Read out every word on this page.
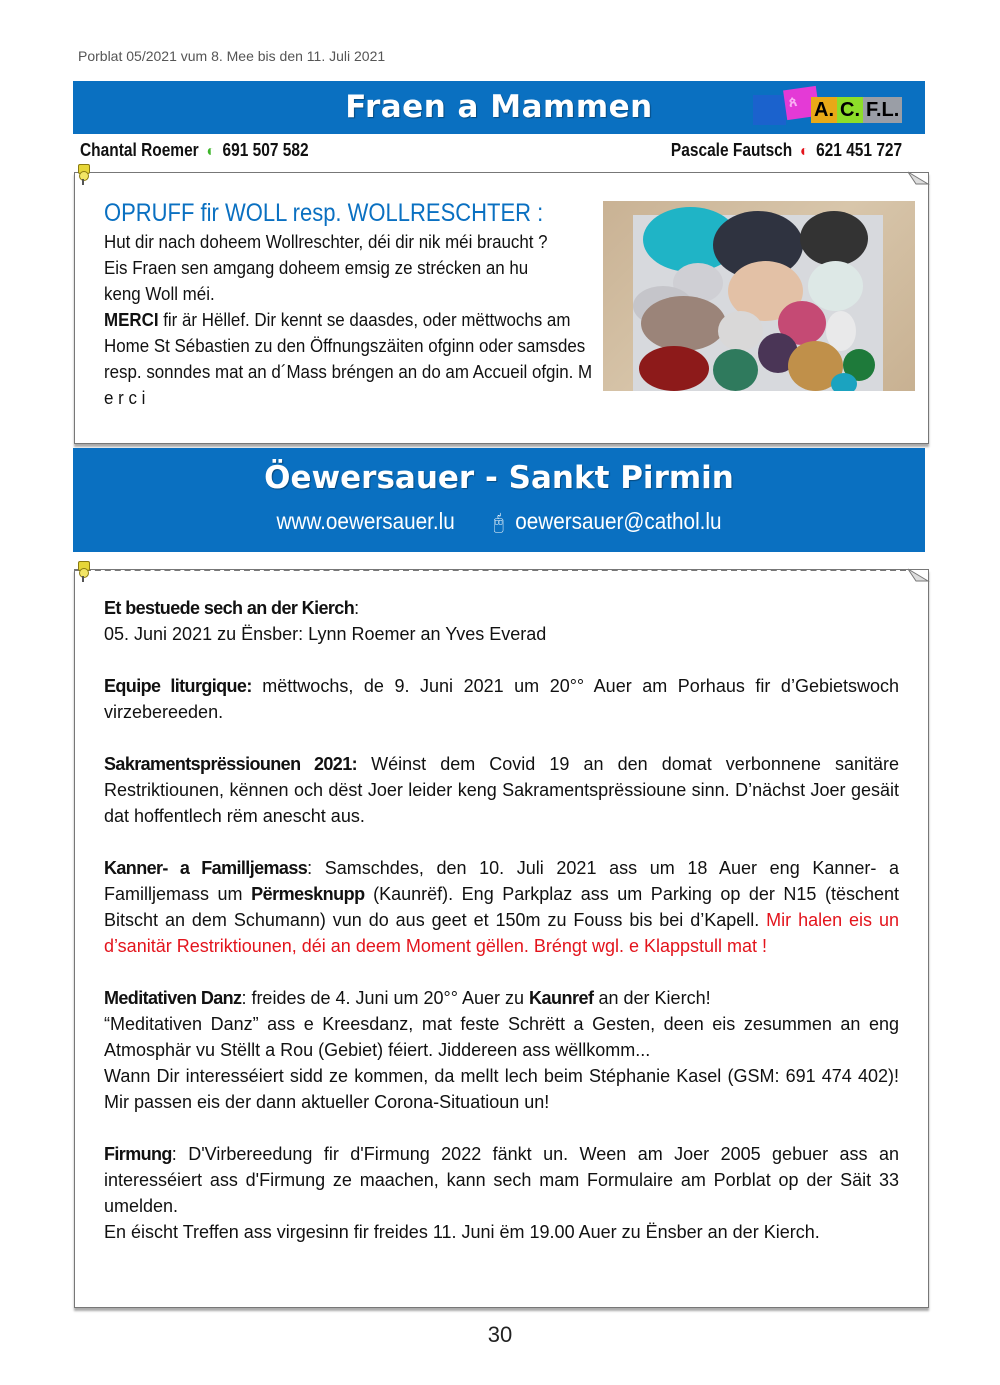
Porblat 05/2021 vum 8. Mee bis den 11. Juli 2021
Fraen a Mammen	ጰ A. C. F.L.
Chantal Roemer ◐ 691 507 582	Pascale Fautsch ◐ 621 451 727
OPRUFF fir WOLL resp. WOLLRESCHTER :
Hut dir nach doheem Wollreschter, déi dir nik méi braucht ?
Eis Fraen sen amgang doheem emsig ze strécken an hu
keng Woll méi.
MERCI fir är Hëllef. Dir kennt se daasdes, oder mëttwochs am Home St Sébastien zu den Öffnungszäiten ofginn oder samsdes resp. sonndes mat an d´Mass bréngen an do am Accueil ofgin. M e r c i
Öewersauer - Sankt Pirmin
www.oewersauer.lu 🖰 oewersauer@cathol.lu

Et bestuede sech an der Kierch:
05. Juni 2021 zu Ënsber: Lynn Roemer an Yves Everad

Equipe liturgique: mëttwochs, de 9. Juni 2021 um 20°° Auer am Porhaus fir d’Gebietswoch virzebereeden.

Sakramentsprëssiounen 2021: Wéinst dem Covid 19 an den domat verbonnene sanitäre Restriktiounen, kënnen och dëst Joer leider keng Sakramentsprëssioune sinn. D’nächst Joer gesäit dat hoffentlech rëm anescht aus.

Kanner- a Familljemass: Samschdes, den 10. Juli 2021 ass um 18 Auer eng Kanner- a Familljemass um Përmesknupp (Kaunrëf). Eng Parkplaz ass um Parking op der N15 (tëschent Bitscht an dem Schumann) vun do aus geet et 150m zu Fouss bis bei d’Kapell. Mir halen eis un d’sanitär Restriktiounen, déi an deem Moment gëllen. Bréngt wgl. e Klappstull mat !

Meditativen Danz: freides de 4. Juni um 20°° Auer zu Kaunref an der Kierch!
“Meditativen Danz” ass e Kreesdanz, mat feste Schrëtt a Gesten, deen eis zesummen an eng Atmosphär vu Stëllt a Rou (Gebiet) féiert. Jiddereen ass wëllkomm...
Wann Dir interesséiert sidd ze kommen, da mellt lech beim Stéphanie Kasel (GSM: 691 474 402)! Mir passen eis der dann aktueller Corona-Situatioun un!

Firmung: D'Virbereedung fir d'Firmung 2022 fänkt un. Ween am Joer 2005 gebuer ass an interesséiert ass d'Firmung ze maachen, kann sech mam Formulaire am Porblat op der Säit 33 umelden.
En éischt Treffen ass virgesinn fir freides 11. Juni ëm 19.00 Auer zu Ënsber an der Kierch.

30
